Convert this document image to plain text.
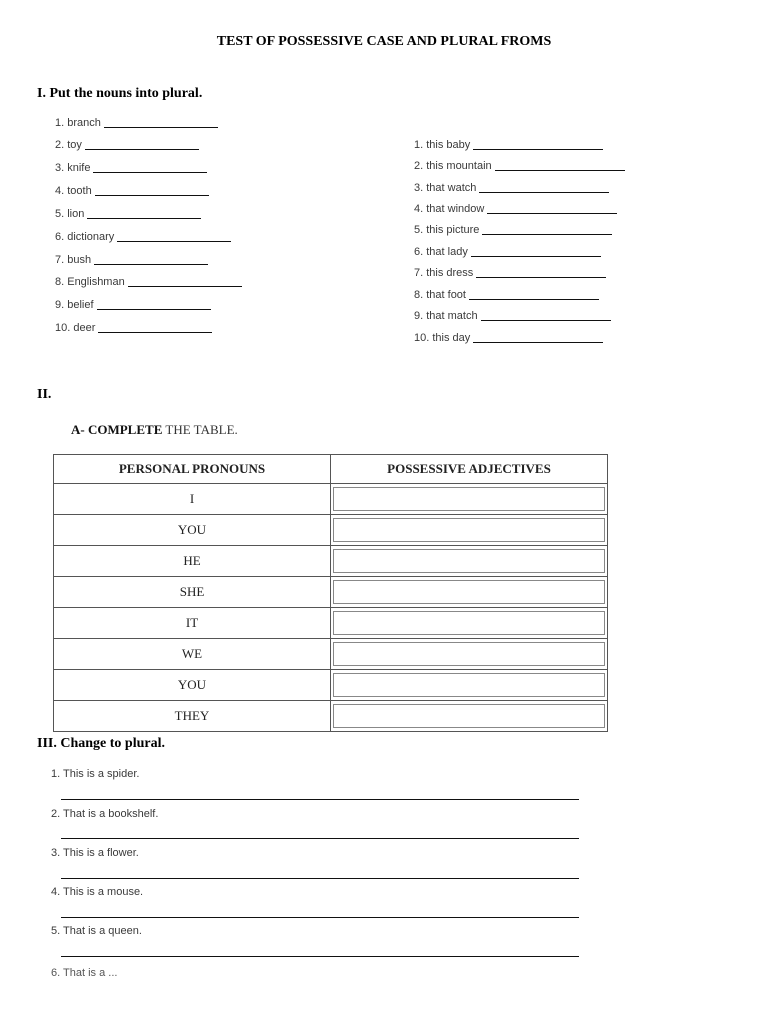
TEST OF POSSESSIVE CASE AND PLURAL FROMS
I. Put the nouns into plural.
1. branch
2. toy
3. knife
4. tooth
5. lion
6. dictionary
7. bush
8. Englishman
9. belief
10. deer
1. this baby
2. this mountain
3. that watch
4. that window
5. this picture
6. that lady
7. this dress
8. that foot
9. that match
10. this day
II.
A- COMPLETE THE TABLE.
PERSONAL PRONOUNS	POSSESSIVE ADJECTIVES
I	

YOU	

HE	

SHE	

IT	

WE	

YOU	

THEY	
III. Change to plural.
1. This is a spider.
2. That is a bookshelf.
3. This is a flower.
4. This is a mouse.
5. That is a queen.
6. That is a ...
